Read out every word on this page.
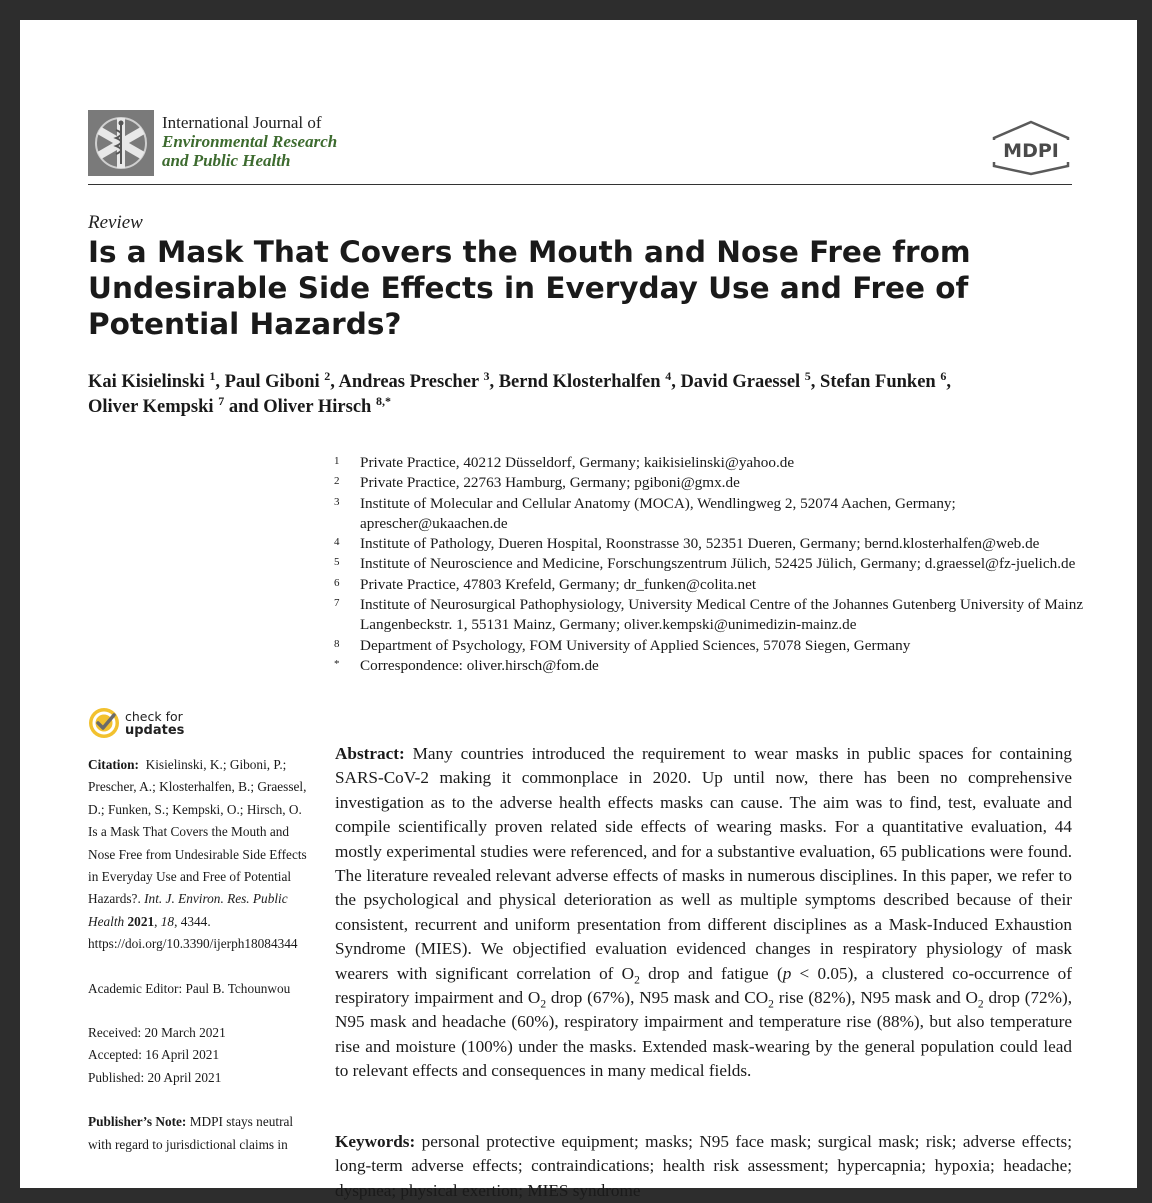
International Journal of
Environmental Research
and Public Health	MDPI
Review
Is a Mask That Covers the Mouth and Nose Free from Undesirable Side Effects in Everyday Use and Free of Potential Hazards?
Kai Kisielinski $^1$, Paul Giboni $^2$, Andreas Prescher $^3$, Bernd Klosterhalfen $^4$, David Graessel $^5$, Stefan Funken $^6$,
Oliver Kempski $^7$ and Oliver Hirsch $^{8,*}$
1	Private Practice, 40212 Düsseldorf, Germany; kaikisielinski@yahoo.de
2	Private Practice, 22763 Hamburg, Germany; pgiboni@gmx.de
3	Institute of Molecular and Cellular Anatomy (MOCA), Wendlingweg 2, 52074 Aachen, Germany; aprescher@ukaachen.de
4	Institute of Pathology, Dueren Hospital, Roonstrasse 30, 52351 Dueren, Germany; bernd.klosterhalfen@web.de
5	Institute of Neuroscience and Medicine, Forschungszentrum Jülich, 52425 Jülich, Germany; d.graessel@fz-juelich.de
6	Private Practice, 47803 Krefeld, Germany; dr_funken@colita.net
7	Institute of Neurosurgical Pathophysiology, University Medical Centre of the Johannes Gutenberg University of Mainz Langenbeckstr. 1, 55131 Mainz, Germany; oliver.kempski@unimedizin-mainz.de
8	Department of Psychology, FOM University of Applied Sciences, 57078 Siegen, Germany
*	Correspondence: oliver.hirsch@fom.de
check for
updates

Citation: Kisielinski, K.; Giboni, P.; Prescher, A.; Klosterhalfen, B.; Graessel, D.; Funken, S.; Kempski, O.; Hirsch, O. Is a Mask That Covers the Mouth and Nose Free from Undesirable Side Effects in Everyday Use and Free of Potential Hazards?. Int. J. Environ. Res. Public Health 2021, 18, 4344. https://doi.org/10.3390/ijerph18084344

Academic Editor: Paul B. Tchounwou

Received: 20 March 2021

Accepted: 16 April 2021

Published: 20 April 2021

Publisher’s Note: MDPI stays neutral with regard to jurisdictional claims in

Abstract: Many countries introduced the requirement to wear masks in public spaces for containing SARS-CoV-2 making it commonplace in 2020. Up until now, there has been no comprehensive investigation as to the adverse health effects masks can cause. The aim was to find, test, evaluate and compile scientifically proven related side effects of wearing masks. For a quantitative evaluation, 44 mostly experimental studies were referenced, and for a substantive evaluation, 65 publications were found. The literature revealed relevant adverse effects of masks in numerous disciplines. In this paper, we refer to the psychological and physical deterioration as well as multiple symptoms described because of their consistent, recurrent and uniform presentation from different disciplines as a Mask-Induced Exhaustion Syndrome (MIES). We objectified evaluation evidenced changes in respiratory physiology of mask wearers with significant correlation of $O_2$ drop and fatigue (p < 0.05), a clustered co-occurrence of respiratory impairment and $O_2$ drop (67%), N95 mask and $CO_2$ rise (82%), N95 mask and $O_2$ drop (72%), N95 mask and headache (60%), respiratory impairment and temperature rise (88%), but also temperature rise and moisture (100%) under the masks. Extended mask-wearing by the general population could lead to relevant effects and consequences in many medical fields.
Keywords: personal protective equipment; masks; N95 face mask; surgical mask; risk; adverse effects; long-term adverse effects; contraindications; health risk assessment; hypercapnia; hypoxia; headache; dyspnea; physical exertion; MIES syndrome
